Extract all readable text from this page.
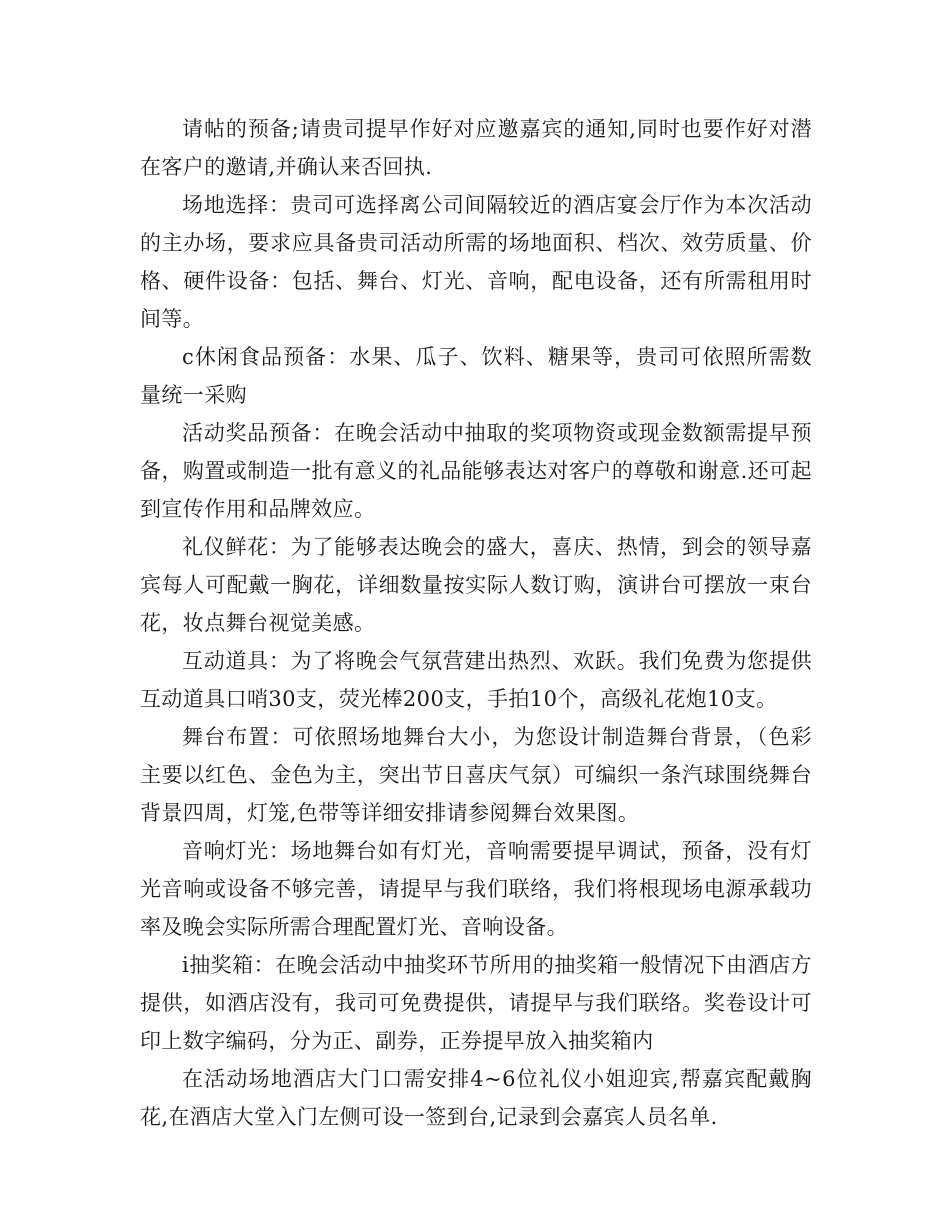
请帖的预备;请贵司提早作好对应邀嘉宾的通知,同时也要作好对潜在客户的邀请,并确认来否回执.

场地选择：贵司可选择离公司间隔较近的酒店宴会厅作为本次活动的主办场，要求应具备贵司活动所需的场地面积、档次、效劳质量、价格、硬件设备：包括、舞台、灯光、音响，配电设备，还有所需租用时间等。

c休闲食品预备：水果、瓜子、饮料、糖果等，贵司可依照所需数量统一采购

活动奖品预备：在晚会活动中抽取的奖项物资或现金数额需提早预备，购置或制造一批有意义的礼品能够表达对客户的尊敬和谢意.还可起到宣传作用和品牌效应。

礼仪鲜花：为了能够表达晚会的盛大，喜庆、热情，到会的领导嘉宾每人可配戴一胸花，详细数量按实际人数订购，演讲台可摆放一束台花，妆点舞台视觉美感。

互动道具：为了将晚会气氛营建出热烈、欢跃。我们免费为您提供互动道具口哨30支，荧光棒200支，手拍10个，高级礼花炮10支。

舞台布置：可依照场地舞台大小，为您设计制造舞台背景，（色彩主要以红色、金色为主，突出节日喜庆气氛）可编织一条汽球围绕舞台背景四周，灯笼,色带等详细安排请参阅舞台效果图。

音响灯光：场地舞台如有灯光，音响需要提早调试，预备，没有灯光音响或设备不够完善，请提早与我们联络，我们将根现场电源承载功率及晚会实际所需合理配置灯光、音响设备。

i抽奖箱：在晚会活动中抽奖环节所用的抽奖箱一般情况下由酒店方提供，如酒店没有，我司可免费提供，请提早与我们联络。奖卷设计可印上数字编码，分为正、副券，正券提早放入抽奖箱内

在活动场地酒店大门口需安排4~6位礼仪小姐迎宾,帮嘉宾配戴胸花,在酒店大堂入门左侧可设一签到台,记录到会嘉宾人员名单.
